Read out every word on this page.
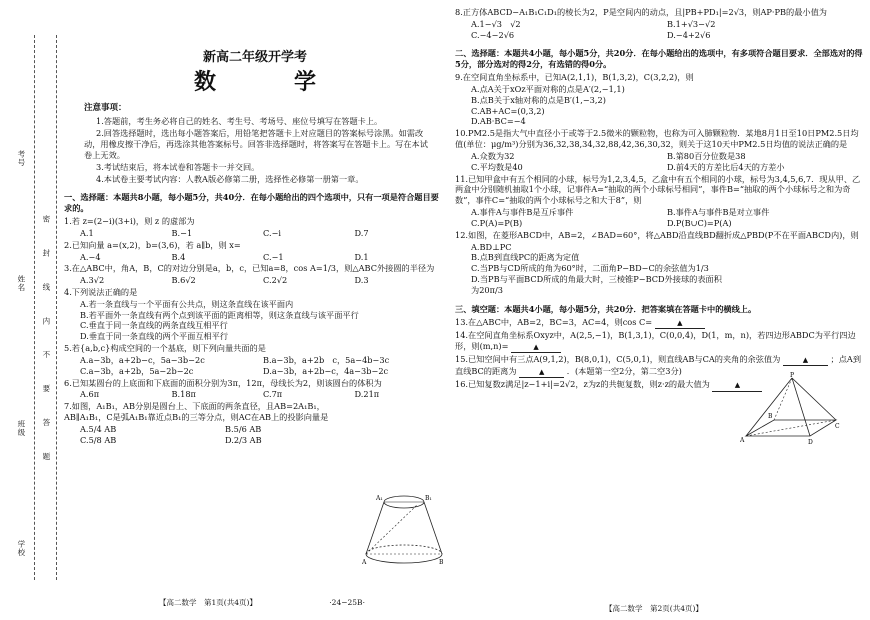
考号
姓名
班级
学校
密 封 线 内 不 要 答 题
新高二年级开学考
数　学
注意事项：

1.答题前，考生务必将自己的姓名、考生号、考场号、座位号填写在答题卡上。

2.回答选择题时，选出每小题答案后，用铅笔把答题卡上对应题目的答案标号涂黑。如需改动，用橡皮擦干净后，再选涂其他答案标号。回答非选择题时，将答案写在答题卡上。写在本试卷上无效。

3.考试结束后，将本试卷和答题卡一并交回。

4.本试卷主要考试内容：人教A版必修第二册，选择性必修第一册第一章。

一、选择题：本题共8小题，每小题5分，共40分．在每小题给出的四个选项中，只有一项是符合题目要求的。
1.若 z=(2−i)(3+i)，则 z 的虚部为
A.1	B.−1	C.−i	D.7
2.已知向量 a=(x,2)，b=(3,6)，若 a∥b，则 x=
A.−4	B.4	C.−1	D.1
3.在△ABC中，角A，B，C的对边分别是a，b，c，已知a=8，cos A=1/3，则△ABC外接圆的半径为
A.3√2	B.6√2	C.2√2	D.3
4.下列说法正确的是
A.若一条直线与一个平面有公共点，则这条直线在该平面内
B.若平面外一条直线有两个点到该平面的距离相等，则这条直线与该平面平行
C.垂直于同一条直线的两条直线互相平行
D.垂直于同一条直线的两个平面互相平行
5.若{a,b,c}构成空间的一个基底，则下列向量共面的是
A.a−3b，a+2b−c，5a−3b−2c	B.a−3b，a+2b　c，5a−4b−3c
C.a−3b，a+2b，5a−2b−2c	D.a−3b，a+2b−c，4a−3b−2c
6.已知某圆台的上底面和下底面的面积分别为3π，12π，母线长为2，则该圆台的体积为
A.6π	B.18π	C.7π	D.21π
7.如图，A₁B₁，AB分别是圆台上、下底面的两条直径，且AB=2A₁B₁，AB∥A₁B₁，C是弧A₁B₁靠近点B₁的三等分点，则AC在AB上的投影向量是
A.5/4 AB	B.5/6 AB
C.5/8 AB	D.2/3 AB
A₁	B₁
A	B
【高二数学　第1页(共4页)】	·24−25B·
8.正方体ABCD−A₁B₁C₁D₁的棱长为2，P是空间内的动点，且|PB+PD₁|=2√3，则AP·PB的最小值为
A.1−√3　√2	B.1+√3−√2
C.−4−2√6	D.−4+2√6
二、选择题：本题共4小题，每小题5分，共20分．在每小题给出的选项中，有多项符合题目要求．全部选对的得5分，部分选对的得2分，有选错的得0分。
9.在空间直角坐标系中，已知A(2,1,1)，B(1,3,2)，C(3,2,2)，则
A.点A关于xOz平面对称的点是A′(2,−1,1)
B.点B关于x轴对称的点是B′(1,−3,2)
C.AB+AC=(0,3,2)
D.AB·BC=−4
10.PM2.5是指大气中直径小于或等于2.5微米的颗粒物，也称为可入肺颗粒物．某地8月1日至10日PM2.5日均值(单位：μg/m³)分别为36,32,38,34,32,88,42,36,30,32，则关于这10天中PM2.5日均值的说法正确的是
A.众数为32	B.第80百分位数是38
C.平均数是40	D.前4天的方差比后4天的方差小
11.已知甲盒中有五个相同的小球，标号为1,2,3,4,5，乙盒中有五个相同的小球，标号为3,4,5,6,7．现从甲、乙两盒中分别随机抽取1个小球，记事件A=“抽取的两个小球标号相同”，事件B=“抽取的两个小球标号之和为奇数”，事件C=“抽取的两个小球标号之和大于8”，则
A.事件A与事件B是互斥事件	B.事件A与事件B是对立事件
C.P(A)=P(B)	D.P(B∪C)=P(A)
12.如图，在菱形ABCD中，AB=2，∠BAD=60°，将△ABD沿直线BD翻折成△PBD(P不在平面ABCD内)，则
A.BD⊥PC
B.点B到直线PC的距离为定值
C.当PB与CD所成的角为60°时，二面角P−BD−C的余弦值为1/3
D.当PB与平面BCD所成的角最大时，三棱锥P−BCD外接球的表面积为20π/3
P
A
B
C
D
三、填空题：本题共4小题，每小题5分，共20分．把答案填在答题卡中的横线上。
13.在△ABC中，AB=2，BC=3，AC=4，则cos C=	▲
14.在空间直角坐标系Oxyz中，A(2,5,−1)，B(1,3,1)，C(0,0,4)，D(1，m，n)，若四边形ABDC为平行四边形，则(m,n)=	▲
15.已知空间中有三点A(9,1,2)，B(8,0,1)，C(5,0,1)，则直线AB与CA的夹角的余弦值为	▲	；点A到直线BC的距离为	▲	．(本题第一空2分，第二空3分)
16.已知复数z满足|z−1+i|=2√2，z为z的共轭复数，则z·z的最大值为	▲
【高二数学　第2页(共4页)】
